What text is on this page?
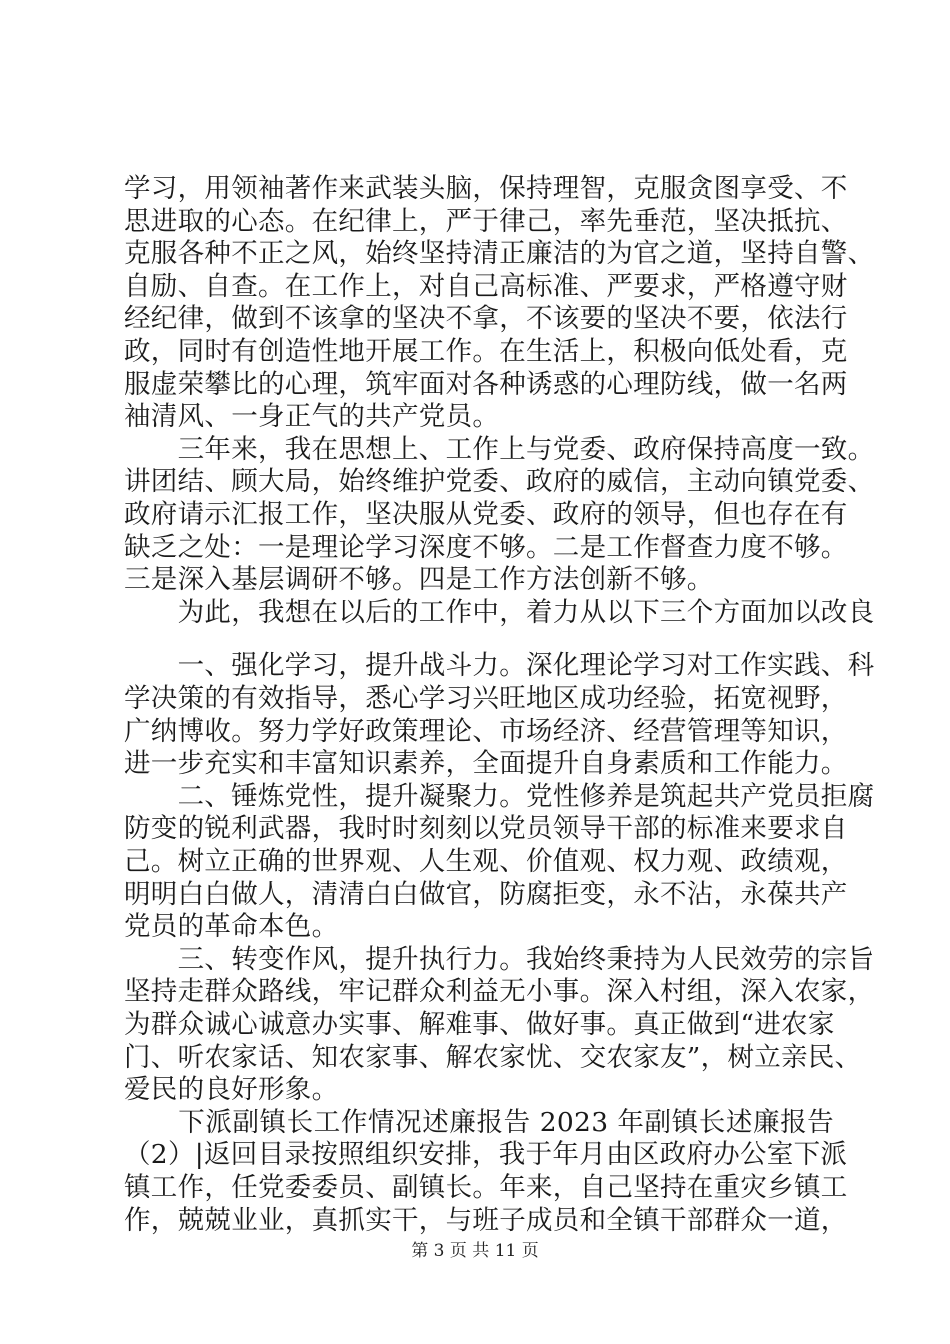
学习，用领袖著作来武装头脑，保持理智，克服贪图享受、不
思进取的心态。在纪律上，严于律己，率先垂范，坚决抵抗、
克服各种不正之风，始终坚持清正廉洁的为官之道，坚持自警、
自励、自查。在工作上，对自己高标准、严要求，严格遵守财
经纪律，做到不该拿的坚决不拿，不该要的坚决不要，依法行
政，同时有创造性地开展工作。在生活上，积极向低处看，克
服虚荣攀比的心理，筑牢面对各种诱惑的心理防线，做一名两
袖清风、一身正气的共产党员。
　　三年来，我在思想上、工作上与党委、政府保持高度一致。
讲团结、顾大局，始终维护党委、政府的威信，主动向镇党委、
政府请示汇报工作，坚决服从党委、政府的领导，但也存在有
缺乏之处：一是理论学习深度不够。二是工作督查力度不够。
三是深入基层调研不够。四是工作方法创新不够。
　　为此，我想在以后的工作中，着力从以下三个方面加以改良
　　一、强化学习，提升战斗力。深化理论学习对工作实践、科
学决策的有效指导，悉心学习兴旺地区成功经验，拓宽视野，
广纳博收。努力学好政策理论、市场经济、经营管理等知识，
进一步充实和丰富知识素养，全面提升自身素质和工作能力。
　　二、锤炼党性，提升凝聚力。党性修养是筑起共产党员拒腐
防变的锐利武器，我时时刻刻以党员领导干部的标准来要求自
己。树立正确的世界观、人生观、价值观、权力观、政绩观，
明明白白做人，清清白白做官，防腐拒变，永不沾，永葆共产
党员的革命本色。
　　三、转变作风，提升执行力。我始终秉持为人民效劳的宗旨
坚持走群众路线，牢记群众利益无小事。深入村组，深入农家，
为群众诚心诚意办实事、解难事、做好事。真正做到“进农家
门、听农家话、知农家事、解农家忧、交农家友”，树立亲民、
爱民的良好形象。
　　下派副镇长工作情况述廉报告 2023 年副镇长述廉报告
（2）|返回目录按照组织安排，我于年月由区政府办公室下派
镇工作，任党委委员、副镇长。年来，自己坚持在重灾乡镇工
作，兢兢业业，真抓实干，与班子成员和全镇干部群众一道，
第 3 页 共 11 页
